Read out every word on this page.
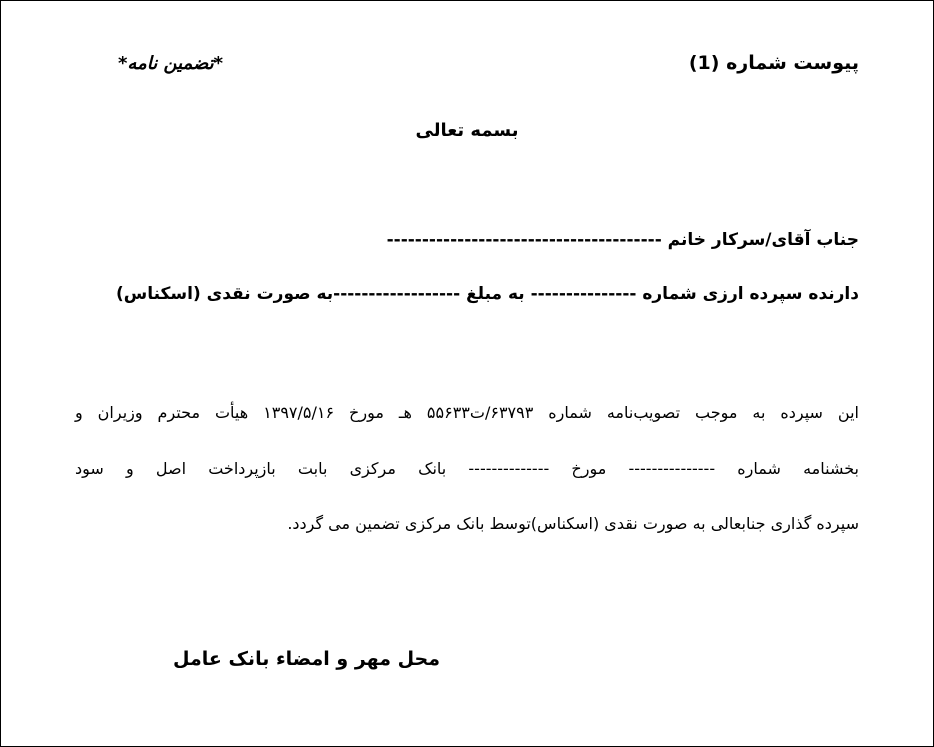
پیوست شماره (1)
*تضمین نامه*
بسمه تعالی
جناب آقای/سرکار خانم ---------------------------------------
دارنده سپرده ارزی شماره --------------- به مبلغ ------------------به صورت نقدی (اسکناس)
این سپرده به موجب تصویب‌نامه شماره ۶۳۷۹۳/ت۵۵۶۳۳ هـ مورخ ۱۳۹۷/۵/۱۶ هیأت محترم وزیران و
بخشنامه شماره --------------- مورخ -------------- بانک مرکزی بابت بازپرداخت اصل و سود
سپرده گذاری جنابعالی به صورت نقدی (اسکناس)توسط بانک مرکزی تضمین می گردد.
محل مهر و امضاء بانک عامل
